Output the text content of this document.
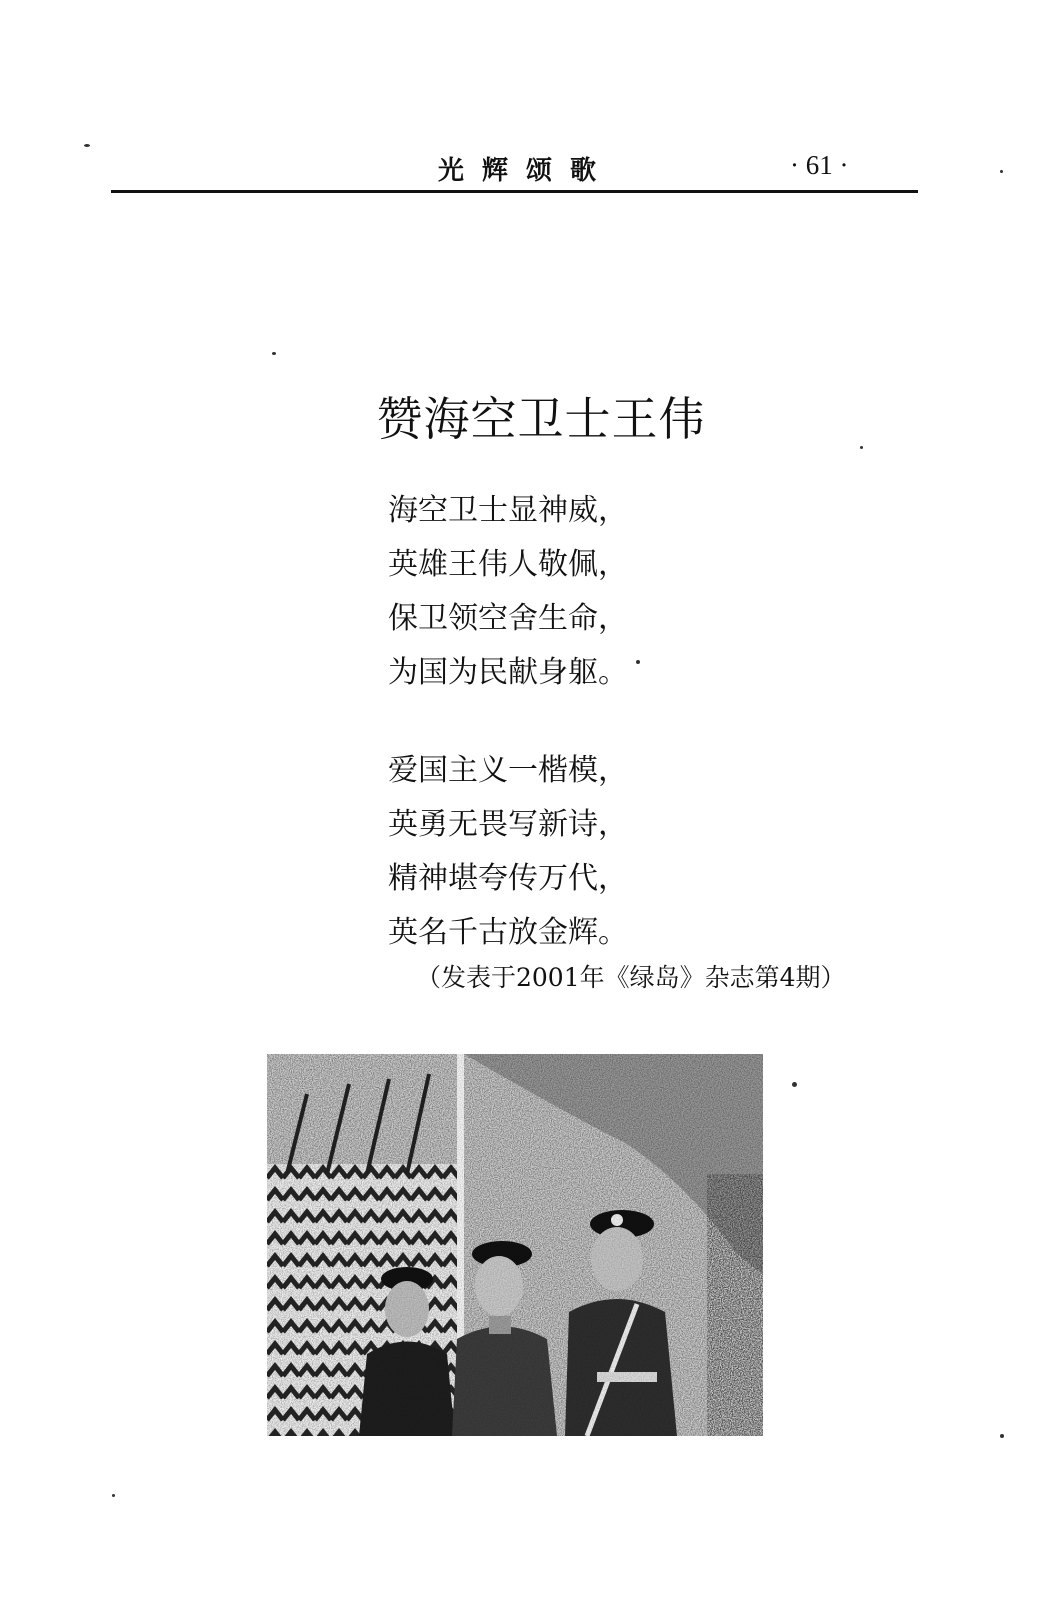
光辉颂歌	· 61 ·
赞海空卫士王伟
海空卫士显神威，
英雄王伟人敬佩，
保卫领空舍生命，
为国为民献身躯。
爱国主义一楷模，
英勇无畏写新诗，
精神堪夸传万代，
英名千古放金辉。
（发表于2001年《绿岛》杂志第4期）
